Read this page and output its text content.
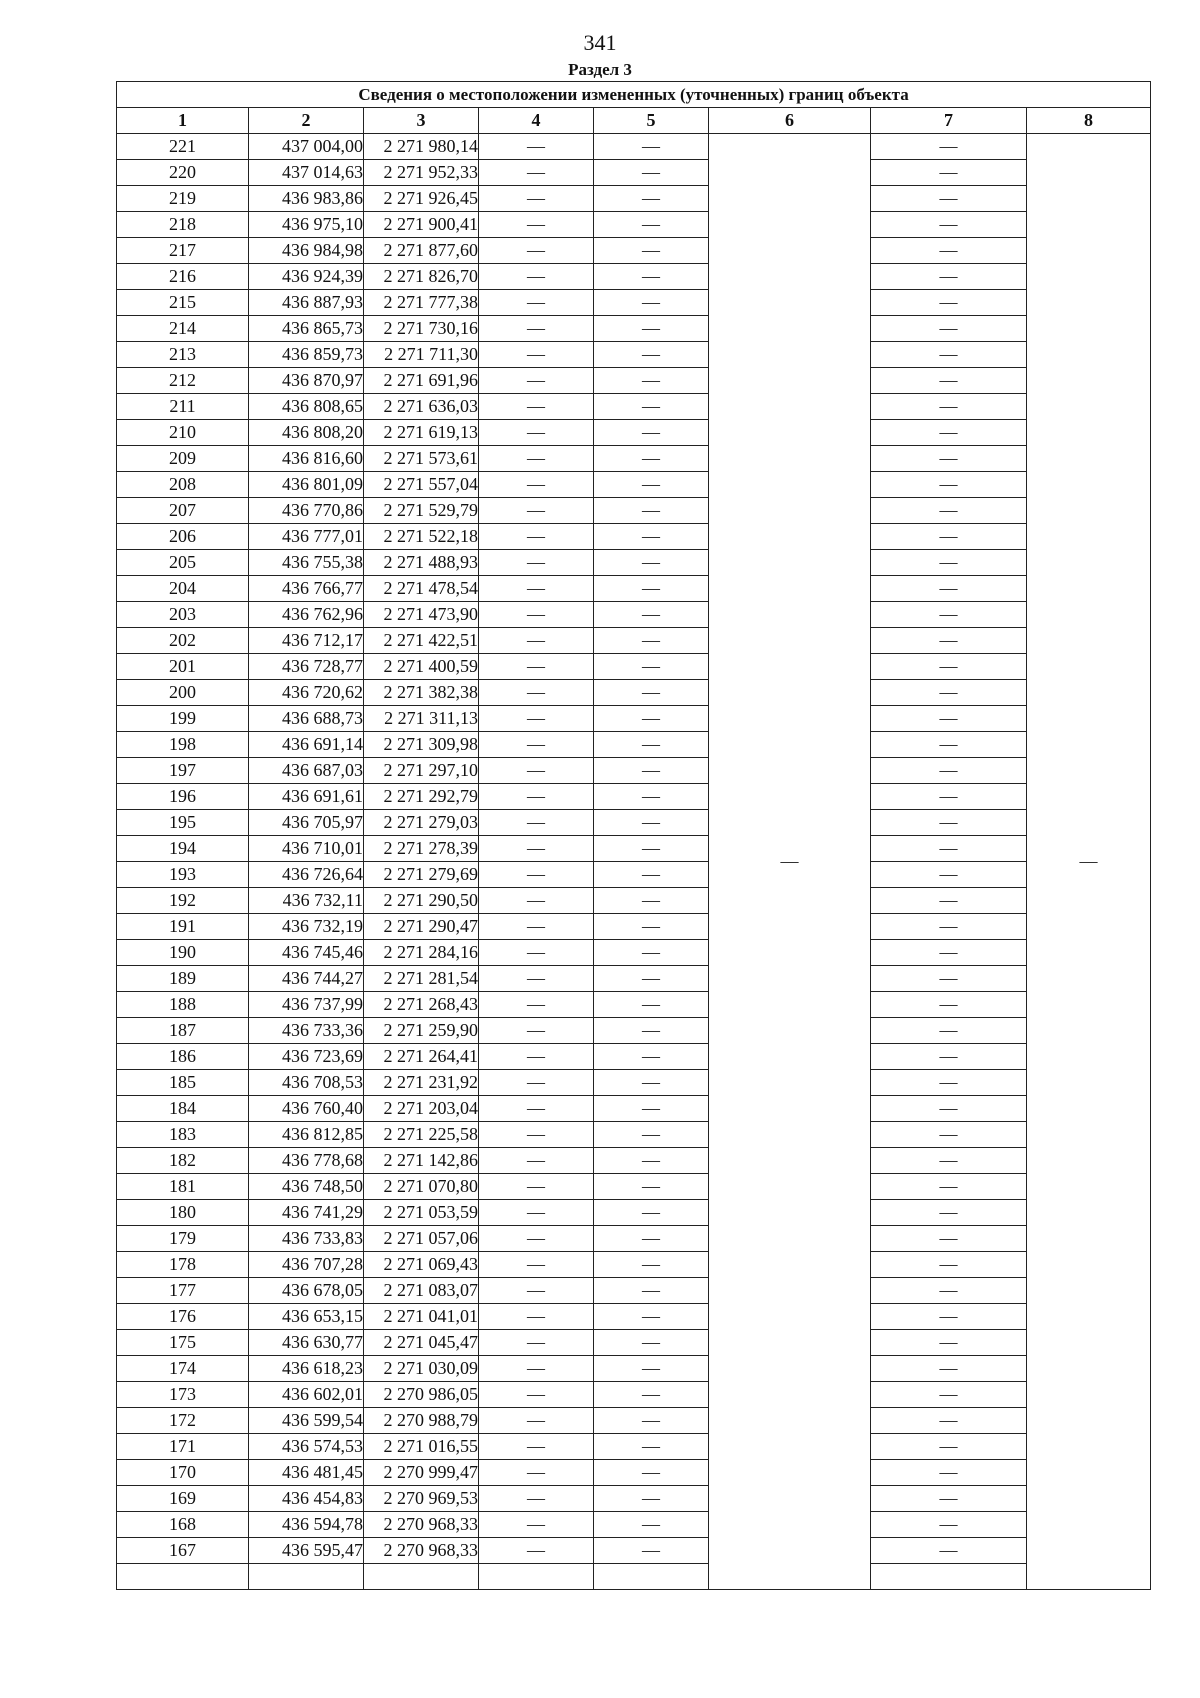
341
Раздел 3
Сведения о местоположении измененных (уточненных) границ объекта							
1	2	3	4	5	6	7	8
221	437 004,00	2 271 980,14	—	—	—	—	—
220	437 014,63	2 271 952,33	—	—		—	
219	436 983,86	2 271 926,45	—	—		—	
218	436 975,10	2 271 900,41	—	—		—	
217	436 984,98	2 271 877,60	—	—		—	
216	436 924,39	2 271 826,70	—	—		—	
215	436 887,93	2 271 777,38	—	—		—	
214	436 865,73	2 271 730,16	—	—		—	
213	436 859,73	2 271 711,30	—	—		—	
212	436 870,97	2 271 691,96	—	—		—	
211	436 808,65	2 271 636,03	—	—		—	
210	436 808,20	2 271 619,13	—	—		—	
209	436 816,60	2 271 573,61	—	—		—	
208	436 801,09	2 271 557,04	—	—		—	
207	436 770,86	2 271 529,79	—	—		—	
206	436 777,01	2 271 522,18	—	—		—	
205	436 755,38	2 271 488,93	—	—		—	
204	436 766,77	2 271 478,54	—	—		—	
203	436 762,96	2 271 473,90	—	—		—	
202	436 712,17	2 271 422,51	—	—		—	
201	436 728,77	2 271 400,59	—	—		—	
200	436 720,62	2 271 382,38	—	—		—	
199	436 688,73	2 271 311,13	—	—		—	
198	436 691,14	2 271 309,98	—	—		—	
197	436 687,03	2 271 297,10	—	—		—	
196	436 691,61	2 271 292,79	—	—		—	
195	436 705,97	2 271 279,03	—	—		—	
194	436 710,01	2 271 278,39	—	—		—	
193	436 726,64	2 271 279,69	—	—		—	
192	436 732,11	2 271 290,50	—	—		—	
191	436 732,19	2 271 290,47	—	—		—	
190	436 745,46	2 271 284,16	—	—		—	
189	436 744,27	2 271 281,54	—	—		—	
188	436 737,99	2 271 268,43	—	—		—	
187	436 733,36	2 271 259,90	—	—		—	
186	436 723,69	2 271 264,41	—	—		—	
185	436 708,53	2 271 231,92	—	—		—	
184	436 760,40	2 271 203,04	—	—		—	
183	436 812,85	2 271 225,58	—	—		—	
182	436 778,68	2 271 142,86	—	—		—	
181	436 748,50	2 271 070,80	—	—		—	
180	436 741,29	2 271 053,59	—	—		—	
179	436 733,83	2 271 057,06	—	—		—	
178	436 707,28	2 271 069,43	—	—		—	
177	436 678,05	2 271 083,07	—	—		—	
176	436 653,15	2 271 041,01	—	—		—	
175	436 630,77	2 271 045,47	—	—		—	
174	436 618,23	2 271 030,09	—	—		—	
173	436 602,01	2 270 986,05	—	—		—	
172	436 599,54	2 270 988,79	—	—		—	
171	436 574,53	2 271 016,55	—	—		—	
170	436 481,45	2 270 999,47	—	—		—	
169	436 454,83	2 270 969,53	—	—		—	
168	436 594,78	2 270 968,33	—	—		—	
167	436 595,47	2 270 968,33	—	—		—	
